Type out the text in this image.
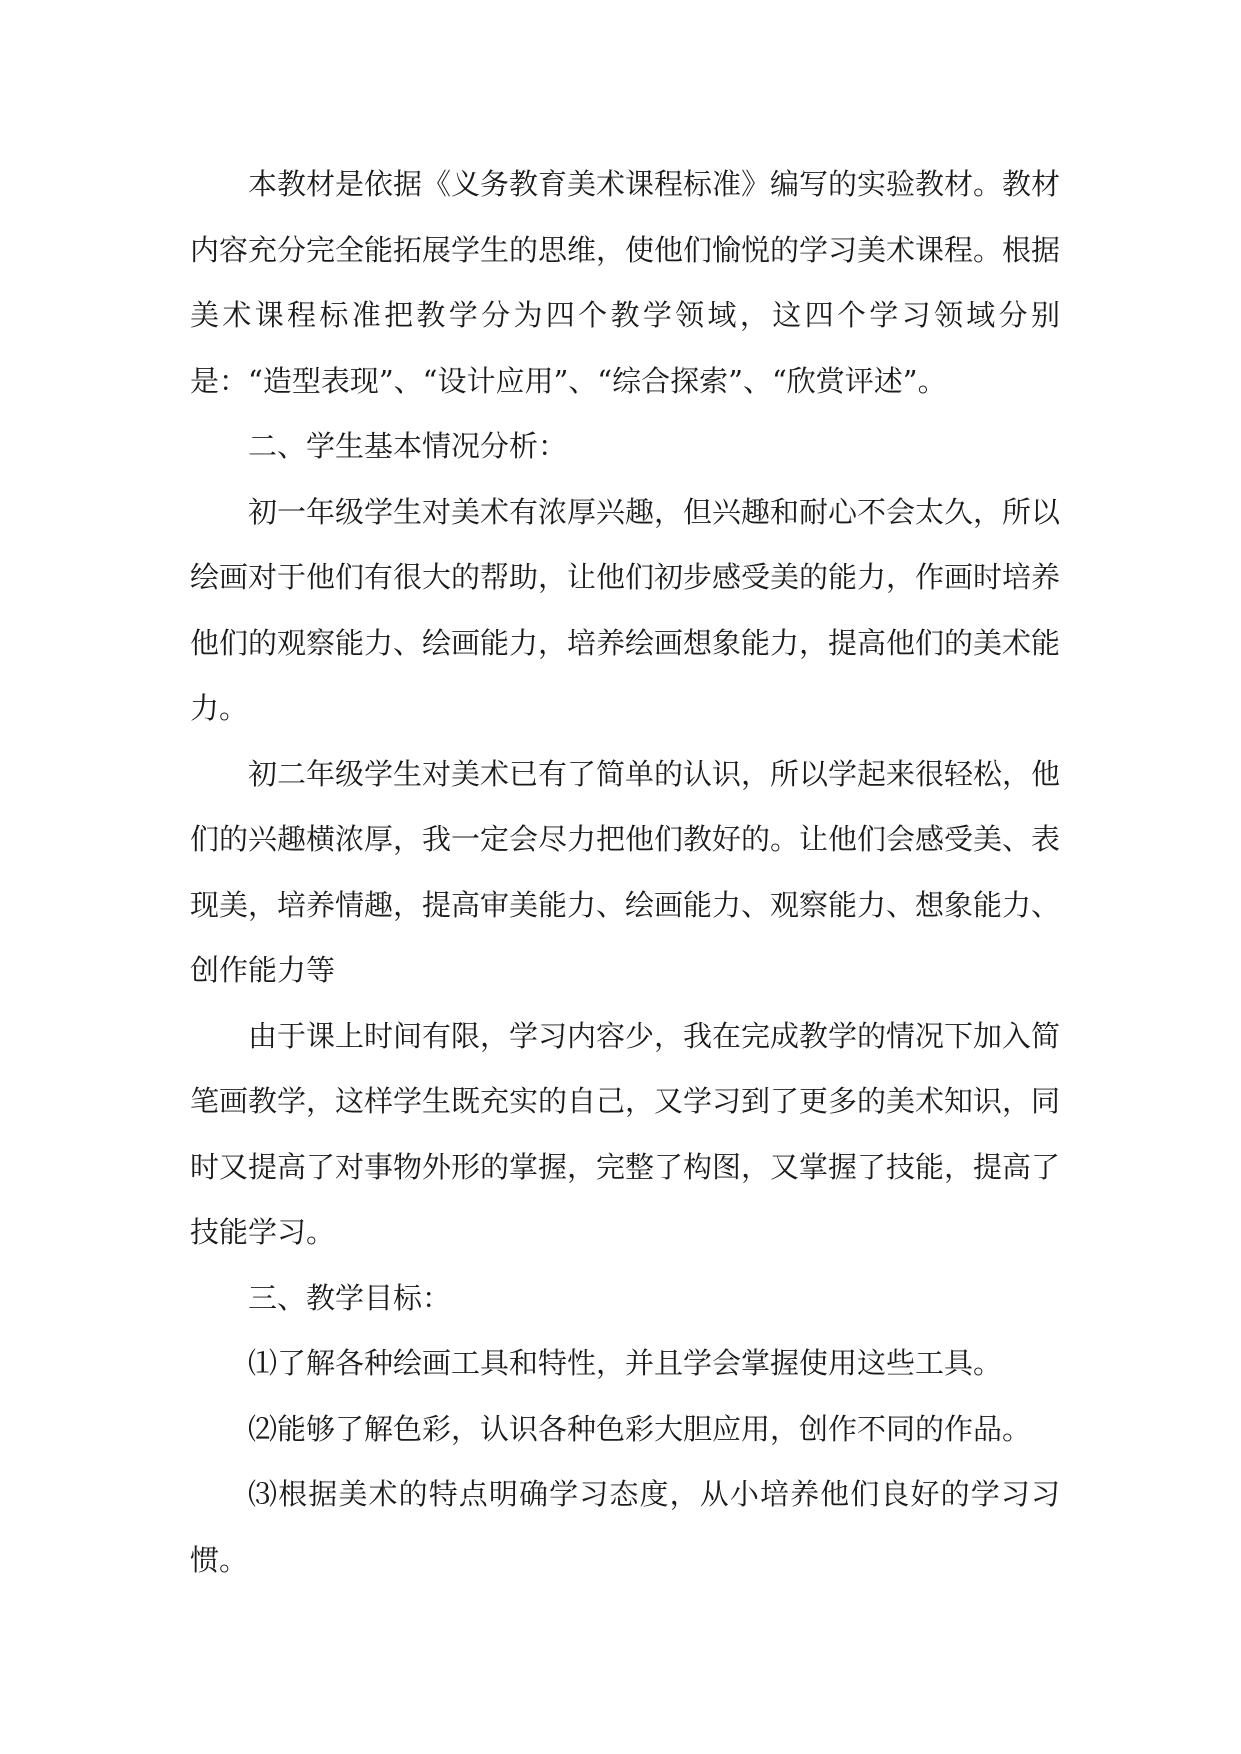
本教材是依据《义务教育美术课程标准》编写的实验教材。教材内容充分完全能拓展学生的思维，使他们愉悦的学习美术课程。根据美术课程标准把教学分为四个教学领域，这四个学习领域分别是：“造型表现”、“设计应用”、“综合探索”、“欣赏评述”。

二、学生基本情况分析：

初一年级学生对美术有浓厚兴趣，但兴趣和耐心不会太久，所以绘画对于他们有很大的帮助，让他们初步感受美的能力，作画时培养他们的观察能力、绘画能力，培养绘画想象能力，提高他们的美术能力。

初二年级学生对美术已有了简单的认识，所以学起来很轻松，他们的兴趣横浓厚，我一定会尽力把他们教好的。让他们会感受美、表现美，培养情趣，提高审美能力、绘画能力、观察能力、想象能力、创作能力等

由于课上时间有限，学习内容少，我在完成教学的情况下加入简笔画教学，这样学生既充实的自己，又学习到了更多的美术知识，同时又提高了对事物外形的掌握，完整了构图，又掌握了技能，提高了技能学习。

三、教学目标：

⑴了解各种绘画工具和特性，并且学会掌握使用这些工具。

⑵能够了解色彩，认识各种色彩大胆应用，创作不同的作品。

⑶根据美术的特点明确学习态度，从小培养他们良好的学习习惯。
